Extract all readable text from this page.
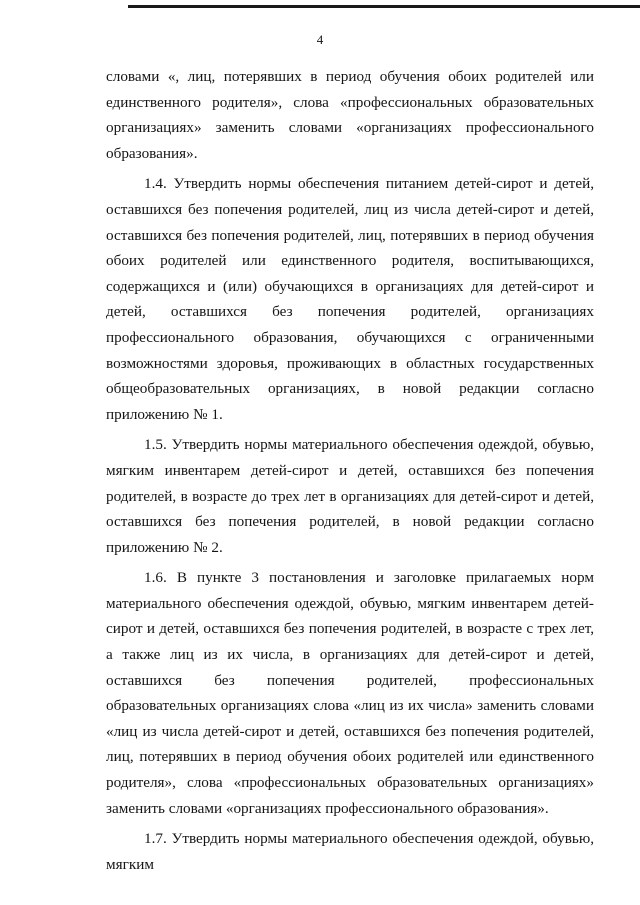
4

словами «, лиц, потерявших в период обучения обоих родителей или единственного родителя», слова «профессиональных образовательных организациях» заменить словами «организациях профессионального образования».

1.4. Утвердить нормы обеспечения питанием детей-сирот и детей, оставшихся без попечения родителей, лиц из числа детей-сирот и детей, оставшихся без попечения родителей, лиц, потерявших в период обучения обоих родителей или единственного родителя, воспитывающихся, содержащихся и (или) обучающихся в организациях для детей-сирот и детей, оставшихся без попечения родителей, организациях профессионального образования, обучающихся с ограниченными возможностями здоровья, проживающих в областных государственных общеобразовательных организациях, в новой редакции согласно приложению № 1.

1.5. Утвердить нормы материального обеспечения одеждой, обувью, мягким инвентарем детей-сирот и детей, оставшихся без попечения родителей, в возрасте до трех лет в организациях для детей-сирот и детей, оставшихся без попечения родителей, в новой редакции согласно приложению № 2.

1.6. В пункте 3 постановления и заголовке прилагаемых норм материального обеспечения одеждой, обувью, мягким инвентарем детей-сирот и детей, оставшихся без попечения родителей, в возрасте с трех лет, а также лиц из их числа, в организациях для детей-сирот и детей, оставшихся без попечения родителей, профессиональных образовательных организациях слова «лиц из их числа» заменить словами «лиц из числа детей-сирот и детей, оставшихся без попечения родителей, лиц, потерявших в период обучения обоих родителей или единственного родителя», слова «профессиональных образовательных организациях» заменить словами «организациях профессионального образования».

1.7. Утвердить нормы материального обеспечения одеждой, обувью, мягким
